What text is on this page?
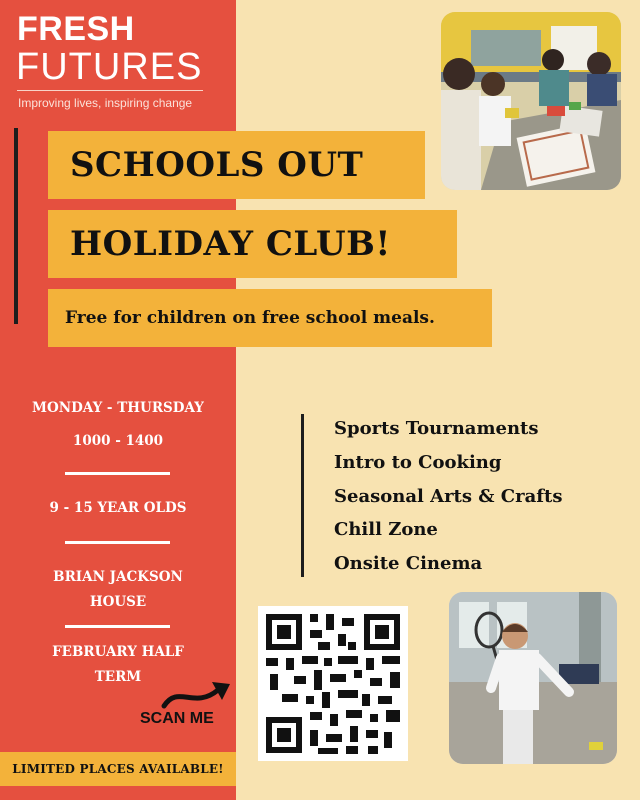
FRESH
FUTURES
Improving lives, inspiring change
SCHOOLS OUT
HOLIDAY CLUB!
Free for children on free school meals.
MONDAY - THURSDAY
1000 - 1400
9 - 15 YEAR OLDS
BRIAN JACKSON
HOUSE
FEBRUARY HALF
TERM
Sports Tournaments
Intro to Cooking
Seasonal Arts & Crafts
Chill Zone
Onsite Cinema
SCAN ME
LIMITED PLACES AVAILABLE!
